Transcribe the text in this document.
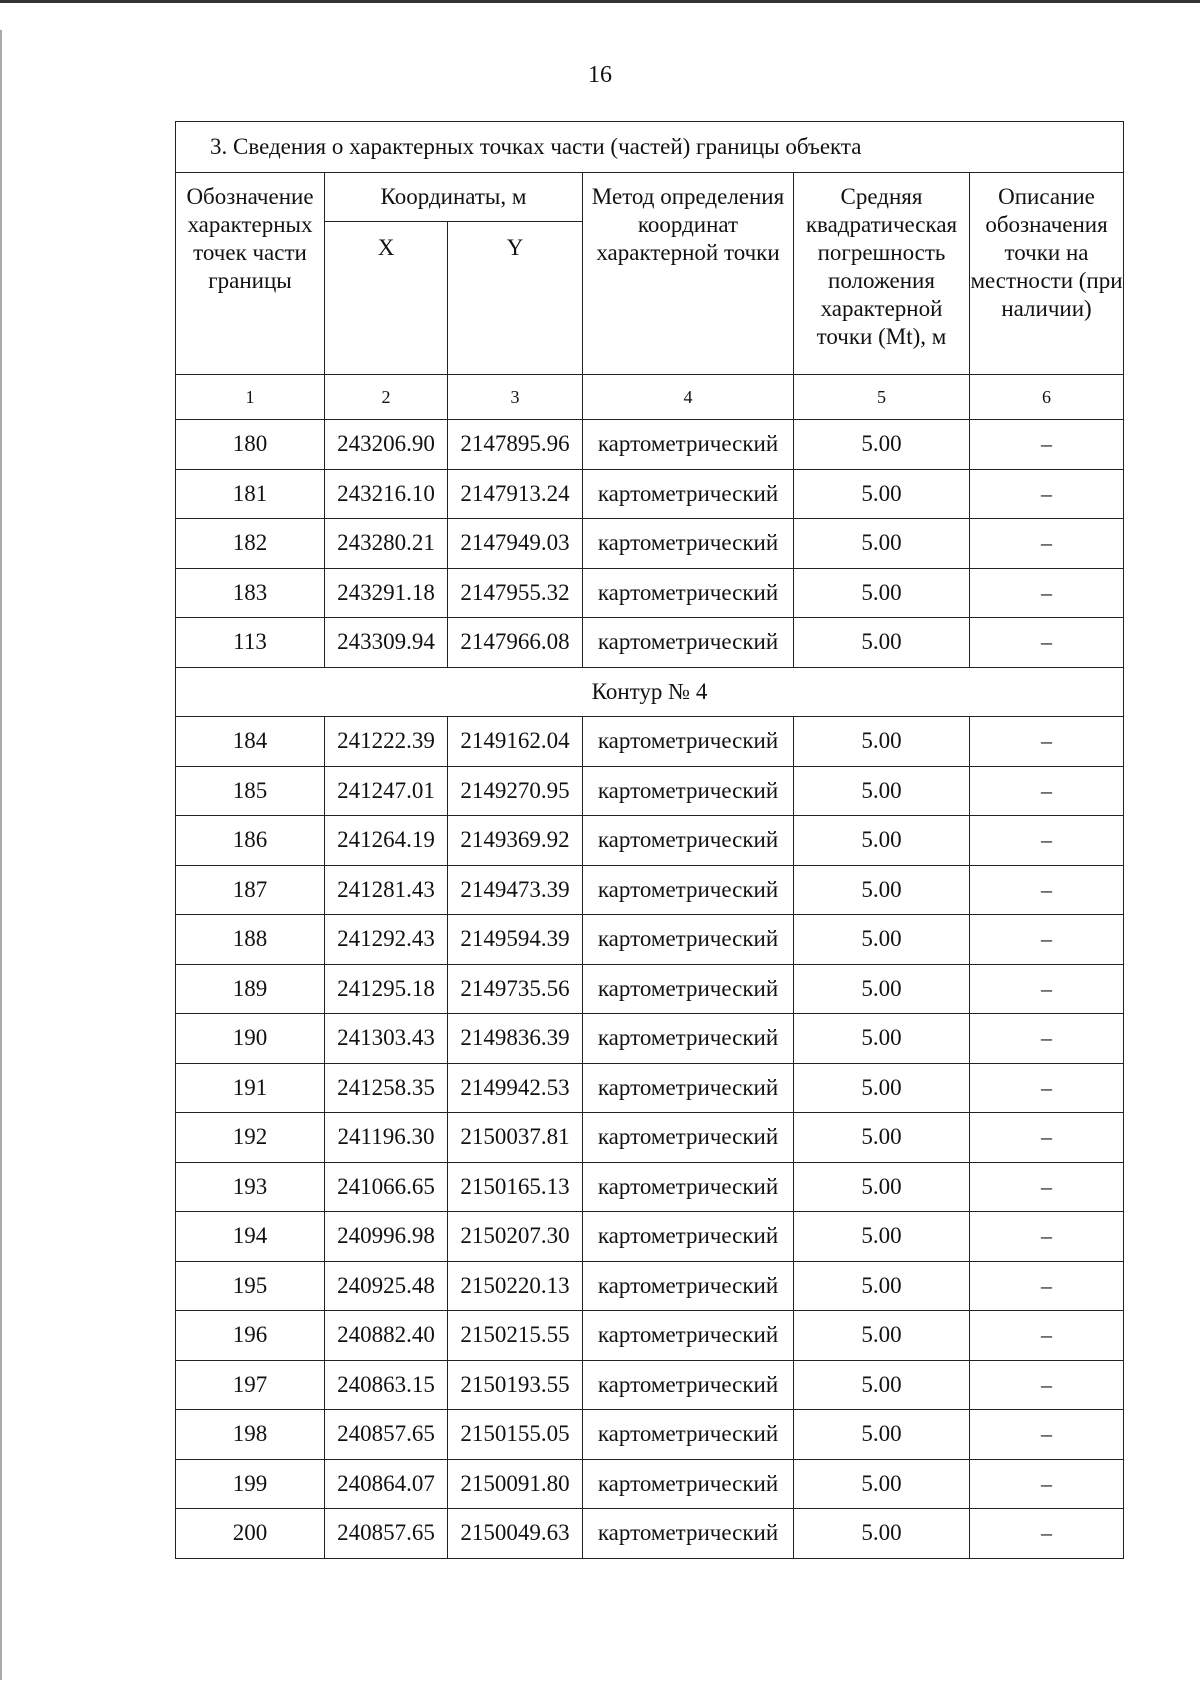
16
3. Сведения о характерных точках части (частей) границы объекта					
Обозначение характерных точек части границы	Координаты, м		Метод определения координат характерной точки	Средняя квадратическая погрешность положения характерной точки (Mt), м	Описание обозначения точки на местности (при наличии)
	X	Y			
1	2	3	4	5	6
180	243206.90	2147895.96	картометрический	5.00	–
181	243216.10	2147913.24	картометрический	5.00	–
182	243280.21	2147949.03	картометрический	5.00	–
183	243291.18	2147955.32	картометрический	5.00	–
113	243309.94	2147966.08	картометрический	5.00	–
Контур № 4					
184	241222.39	2149162.04	картометрический	5.00	–
185	241247.01	2149270.95	картометрический	5.00	–
186	241264.19	2149369.92	картометрический	5.00	–
187	241281.43	2149473.39	картометрический	5.00	–
188	241292.43	2149594.39	картометрический	5.00	–
189	241295.18	2149735.56	картометрический	5.00	–
190	241303.43	2149836.39	картометрический	5.00	–
191	241258.35	2149942.53	картометрический	5.00	–
192	241196.30	2150037.81	картометрический	5.00	–
193	241066.65	2150165.13	картометрический	5.00	–
194	240996.98	2150207.30	картометрический	5.00	–
195	240925.48	2150220.13	картометрический	5.00	–
196	240882.40	2150215.55	картометрический	5.00	–
197	240863.15	2150193.55	картометрический	5.00	–
198	240857.65	2150155.05	картометрический	5.00	–
199	240864.07	2150091.80	картометрический	5.00	–
200	240857.65	2150049.63	картометрический	5.00	–
